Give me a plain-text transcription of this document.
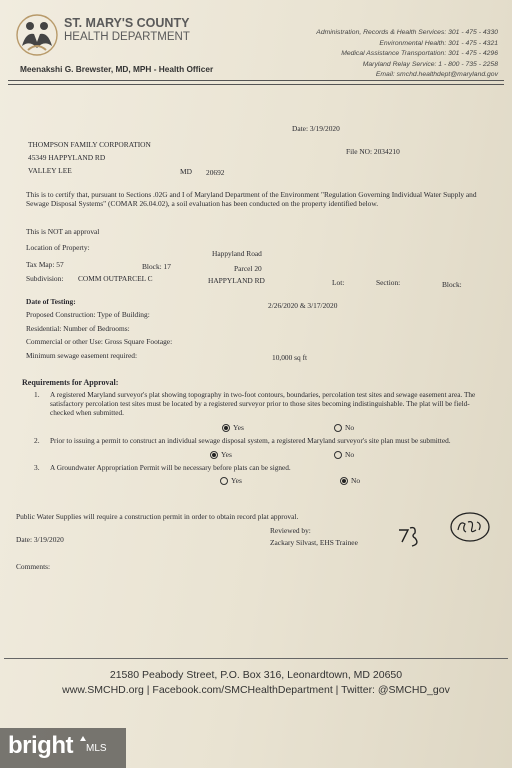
ST. MARY'S COUNTY
HEALTH DEPARTMENT
Meenakshi G. Brewster, MD, MPH - Health Officer
Administration, Records & Health Services: 301 - 475 - 4330
Environmental Health: 301 - 475 - 4321
Medical Assistance Transportation: 301 - 475 - 4296
Maryland Relay Service: 1 - 800 - 735 - 2258
Email: smchd.healthdept@maryland.gov
Date: 3/19/2020
THOMPSON FAMILY CORPORATION
File NO: 2034210
45349 HAPPYLAND RD
VALLEY LEE	MD 20692
This is to certify that, pursuant to Sections .02G and I of Maryland Department of the Environment "Regulation Governing Individual Water Supply and Sewage Disposal Systems" (COMAR 26.04.02), a soil evaluation has been conducted on the property identified below.
This is NOT an approval
Location of Property:
Happyland Road
Tax Map: 57	Block: 17	Parcel 20
Subdivision: COMM OUTPARCEL C	HAPPYLAND RD	Lot:	Section:	Block:
Date of Testing:	2/26/2020 & 3/17/2020
Proposed Construction: Type of Building:
Residential: Number of Bedrooms:
Commercial or other Use: Gross Square Footage:
Minimum sewage easement required:	10,000 sq ft
Requirements for Approval:
1. A registered Maryland surveyor's plat showing topography in two-foot contours, boundaries, percolation test sites and sewage easement area. The satisfactory percolation test sites must be located by a registered surveyor prior to those sites becoming indistinguishable. The plat will be field-checked when submitted.
Yes	No
2. Prior to issuing a permit to construct an individual sewage disposal system, a registered Maryland surveyor's site plan must be submitted.
Yes	No
3. A Groundwater Appropriation Permit will be necessary before plats can be signed.
Yes	No
Public Water Supplies will require a construction permit in order to obtain record plat approval.
Reviewed by:
Date: 3/19/2020	Zackary Silvast, EHS Trainee
Comments:
21580 Peabody Street, P.O. Box 316, Leonardtown, MD 20650
www.SMCHD.org | Facebook.com/SMCHealthDepartment | Twitter: @SMCHD_gov
bright MLS
